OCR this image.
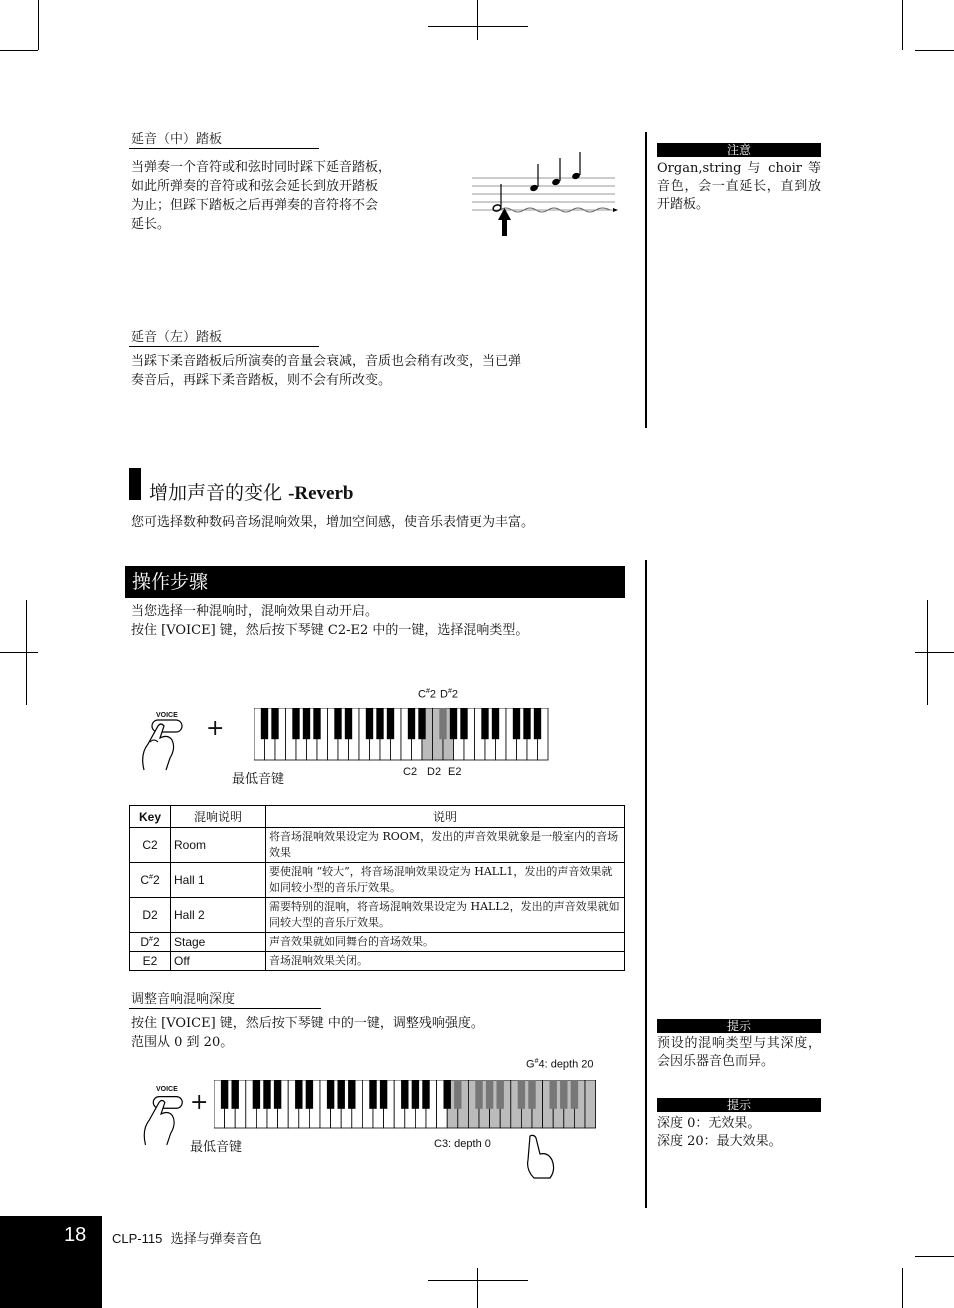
延音（中）踏板
当弹奏一个音符或和弦时同时踩下延音踏板，
如此所弹奏的音符或和弦会延长到放开踏板
为止；但踩下踏板之后再弹奏的音符将不会
延长。
延音（左）踏板
当踩下柔音踏板后所演奏的音量会衰减，音质也会稍有改变，当已弹
奏音后，再踩下柔音踏板，则不会有所改变。
注意
Organ,string 与 choir 等音色，会一直延长，直到放开踏板。
增加声音的变化 -Reverb
您可选择数种数码音场混响效果，增加空间感，使音乐表情更为丰富。
操作步骤
当您选择一种混响时，混响效果自动开启。
按住 [VOICE] 键，然后按下琴键 C2-E2 中的一键，选择混响类型。
VOICE
+
最低音键
C#2 D#2
C2 D2 E2
Key	混响说明	说明
C2	Room	将音场混响效果设定为 ROOM，发出的声音效果就象是一般室内的音场效果
C#2	Hall 1	要使混响 “较大”，将音场混响效果设定为 HALL1，发出的声音效果就如同较小型的音乐厅效果。
D2	Hall 2	需要特别的混响，将音场混响效果设定为 HALL2，发出的声音效果就如同较大型的音乐厅效果。
D#2	Stage	声音效果就如同舞台的音场效果。
E2	Off	音场混响效果关闭。
调整音响混响深度
按住 [VOICE] 键，然后按下琴键 中的一键，调整残响强度。
范围从 0 到 20。
VOICE
+
最低音键
G#4: depth 20
C3: depth 0
提示
预设的混响类型与其深度，会因乐器音色而异。
提示
深度 0：无效果。
深度 20：最大效果。
18 CLP-115 选择与弹奏音色
